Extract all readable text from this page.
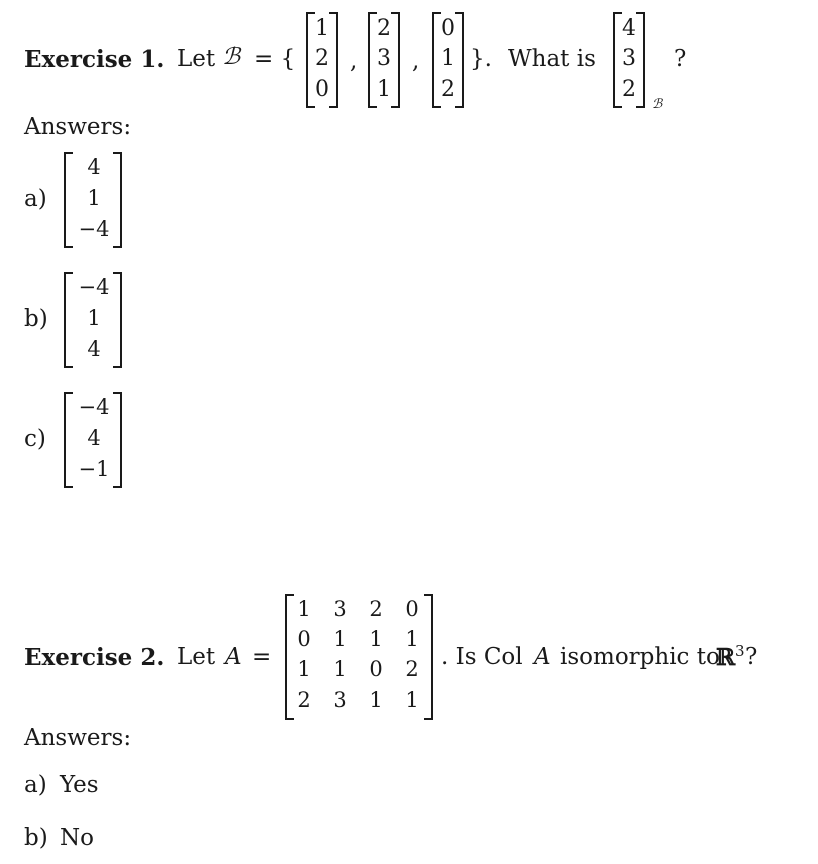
Exercise 1. Let ℬ = {
1
2
0
,
2
3
1
,
0
1
2
}. What is
4
3
2
ℬ
?
Answers:
a)
4
1
−4
b)
−4
1
4
c)
−4
4
−1
Exercise 2. Let A =
1	3	2	0
0	1	1	1
1	1	0	2
2	3	1	1
. Is Col A isomorphic to
ℝ 3 ?
Answers:
a) Yes
b) No
